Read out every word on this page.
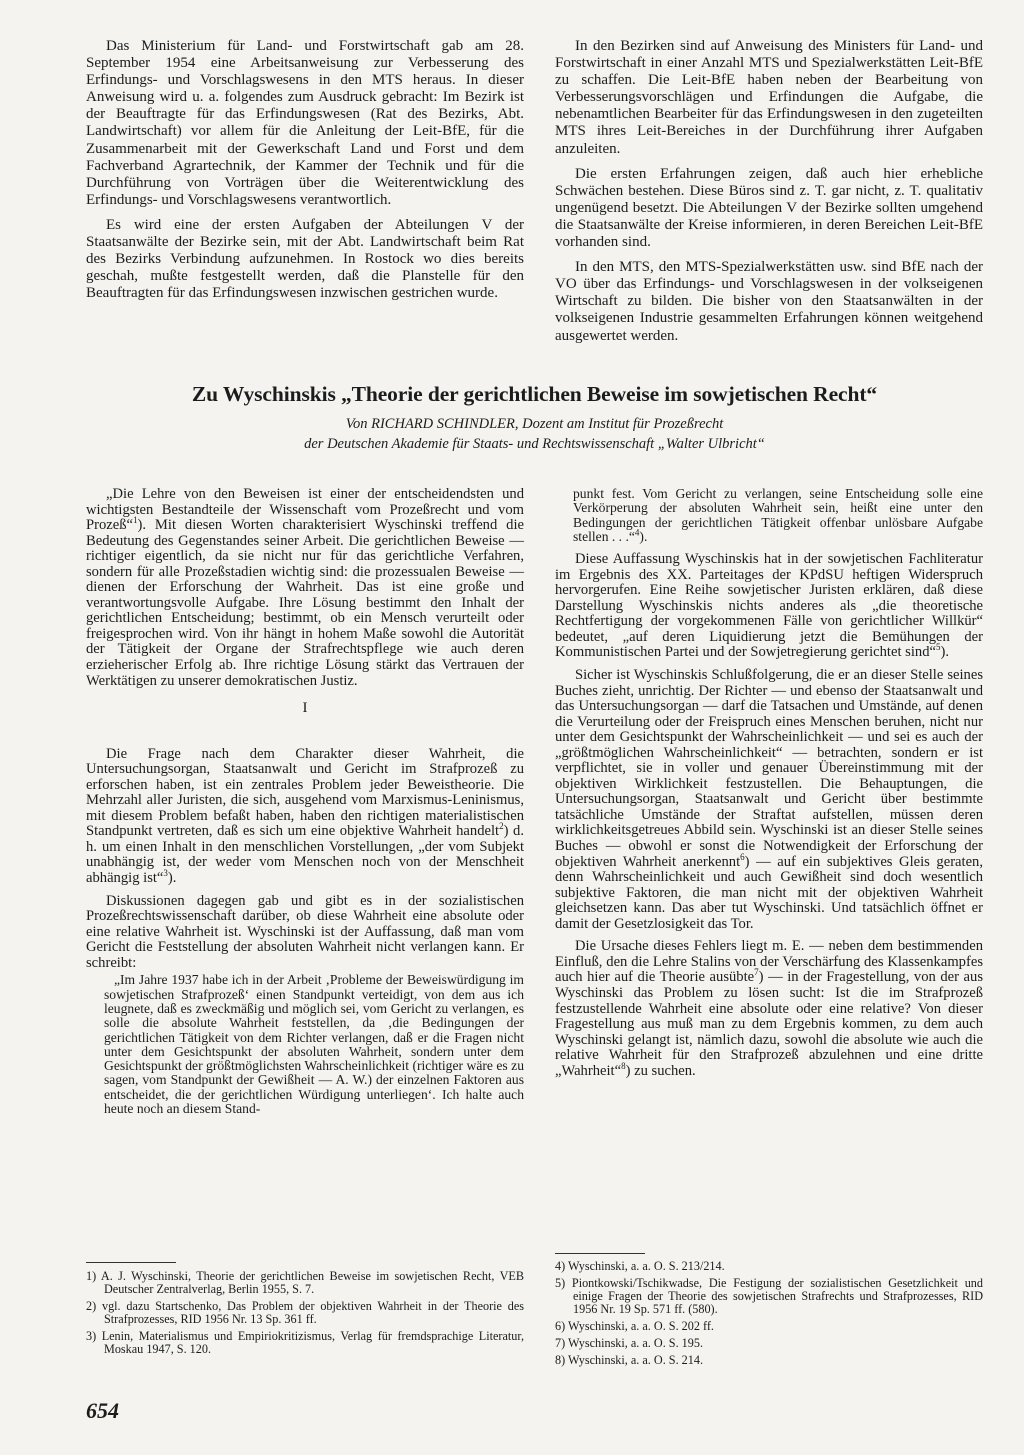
Das Ministerium für Land- und Forstwirtschaft gab am 28. September 1954 eine Arbeitsanweisung zur Verbesserung des Erfindungs- und Vorschlagswesens in den MTS heraus. In dieser Anweisung wird u. a. folgendes zum Ausdruck gebracht: Im Bezirk ist der Beauftragte für das Erfindungswesen (Rat des Bezirks, Abt. Landwirtschaft) vor allem für die Anleitung der Leit-BfE, für die Zusammenarbeit mit der Gewerkschaft Land und Forst und dem Fachverband Agrartechnik, der Kammer der Technik und für die Durchführung von Vorträgen über die Weiterentwicklung des Erfindungs- und Vorschlagswesens verantwortlich.

Es wird eine der ersten Aufgaben der Abteilungen V der Staatsanwälte der Bezirke sein, mit der Abt. Landwirtschaft beim Rat des Bezirks Verbindung aufzunehmen. In Rostock wo dies bereits geschah, mußte festgestellt werden, daß die Planstelle für den Beauftragten für das Erfindungswesen inzwischen gestrichen wurde.

In den Bezirken sind auf Anweisung des Ministers für Land- und Forstwirtschaft in einer Anzahl MTS und Spezialwerkstätten Leit-BfE zu schaffen. Die Leit-BfE haben neben der Bearbeitung von Verbesserungsvorschlägen und Erfindungen die Aufgabe, die nebenamtlichen Bearbeiter für das Erfindungswesen in den zugeteilten MTS ihres Leit-Bereiches in der Durchführung ihrer Aufgaben anzuleiten.

Die ersten Erfahrungen zeigen, daß auch hier erhebliche Schwächen bestehen. Diese Büros sind z. T. gar nicht, z. T. qualitativ ungenügend besetzt. Die Abteilungen V der Bezirke sollten umgehend die Staatsanwälte der Kreise informieren, in deren Bereichen Leit-BfE vorhanden sind.

In den MTS, den MTS-Spezialwerkstätten usw. sind BfE nach der VO über das Erfindungs- und Vorschlagswesen in der volkseigenen Wirtschaft zu bilden. Die bisher von den Staatsanwälten in der volkseigenen Industrie gesammelten Erfahrungen können weitgehend ausgewertet werden.

Zu Wyschinskis „Theorie der gerichtlichen Beweise im sowjetischen Recht“
Von RICHARD SCHINDLER, Dozent am Institut für Prozeßrecht
der Deutschen Akademie für Staats- und Rechtswissenschaft „Walter Ulbricht“

„Die Lehre von den Beweisen ist einer der entscheidendsten und wichtigsten Bestandteile der Wissenschaft vom Prozeßrecht und vom Prozeß“$^1$). Mit diesen Worten charakterisiert Wyschinski treffend die Bedeutung des Gegenstandes seiner Arbeit. Die gerichtlichen Beweise — richtiger eigentlich, da sie nicht nur für das gerichtliche Verfahren, sondern für alle Prozeßstadien wichtig sind: die prozessualen Beweise — dienen der Erforschung der Wahrheit. Das ist eine große und verantwortungsvolle Aufgabe. Ihre Lösung bestimmt den Inhalt der gerichtlichen Entscheidung; bestimmt, ob ein Mensch verurteilt oder freigesprochen wird. Von ihr hängt in hohem Maße sowohl die Autorität der Tätigkeit der Organe der Strafrechtspflege wie auch deren erzieherischer Erfolg ab. Ihre richtige Lösung stärkt das Vertrauen der Werktätigen zu unserer demokratischen Justiz.

I

Die Frage nach dem Charakter dieser Wahrheit, die Untersuchungsorgan, Staatsanwalt und Gericht im Strafprozeß zu erforschen haben, ist ein zentrales Problem jeder Beweistheorie. Die Mehrzahl aller Juristen, die sich, ausgehend vom Marxismus-Leninismus, mit diesem Problem befaßt haben, haben den richtigen materialistischen Standpunkt vertreten, daß es sich um eine objektive Wahrheit handelt$^2$) d. h. um einen Inhalt in den menschlichen Vorstellungen, „der vom Subjekt unabhängig ist, der weder vom Menschen noch von der Menschheit abhängig ist“$^3$).

Diskussionen dagegen gab und gibt es in der sozialistischen Prozeßrechtswissenschaft darüber, ob diese Wahrheit eine absolute oder eine relative Wahrheit ist. Wyschinski ist der Auffassung, daß man vom Gericht die Feststellung der absoluten Wahrheit nicht verlangen kann. Er schreibt:

„Im Jahre 1937 habe ich in der Arbeit ‚Probleme der Beweiswürdigung im sowjetischen Strafprozeß‘ einen Standpunkt verteidigt, von dem aus ich leugnete, daß es zweckmäßig und möglich sei, vom Gericht zu verlangen, es solle die absolute Wahrheit feststellen, da ‚die Bedingungen der gerichtlichen Tätigkeit von dem Richter verlangen, daß er die Fragen nicht unter dem Gesichtspunkt der absoluten Wahrheit, sondern unter dem Gesichtspunkt der größtmöglichsten Wahrscheinlichkeit (richtiger wäre es zu sagen, vom Standpunkt der Gewißheit — A. W.) der einzelnen Faktoren aus entscheidet, die der gerichtlichen Würdigung unterliegen‘. Ich halte auch heute noch an diesem Stand-

punkt fest. Vom Gericht zu verlangen, seine Entscheidung solle eine Verkörperung der absoluten Wahrheit sein, heißt eine unter den Bedingungen der gerichtlichen Tätigkeit offenbar unlösbare Aufgabe stellen . . .“$^4$).

Diese Auffassung Wyschinskis hat in der sowjetischen Fachliteratur im Ergebnis des XX. Parteitages der KPdSU heftigen Widerspruch hervorgerufen. Eine Reihe sowjetischer Juristen erklären, daß diese Darstellung Wyschinskis nichts anderes als „die theoretische Rechtfertigung der vorgekommenen Fälle von gerichtlicher Willkür“ bedeutet, „auf deren Liquidierung jetzt die Bemühungen der Kommunistischen Partei und der Sowjetregierung gerichtet sind“$^5$).

Sicher ist Wyschinskis Schlußfolgerung, die er an dieser Stelle seines Buches zieht, unrichtig. Der Richter — und ebenso der Staatsanwalt und das Untersuchungsorgan — darf die Tatsachen und Umstände, auf denen die Verurteilung oder der Freispruch eines Menschen beruhen, nicht nur unter dem Gesichtspunkt der Wahrscheinlichkeit — und sei es auch der „größtmöglichen Wahrscheinlichkeit“ — betrachten, sondern er ist verpflichtet, sie in voller und genauer Übereinstimmung mit der objektiven Wirklichkeit festzustellen. Die Behauptungen, die Untersuchungsorgan, Staatsanwalt und Gericht über bestimmte tatsächliche Umstände der Straftat aufstellen, müssen deren wirklichkeitsgetreues Abbild sein. Wyschinski ist an dieser Stelle seines Buches — obwohl er sonst die Notwendigkeit der Erforschung der objektiven Wahrheit anerkennt$^6$) — auf ein subjektives Gleis geraten, denn Wahrscheinlichkeit und auch Gewißheit sind doch wesentlich subjektive Faktoren, die man nicht mit der objektiven Wahrheit gleichsetzen kann. Das aber tut Wyschinski. Und tatsächlich öffnet er damit der Gesetzlosigkeit das Tor.

Die Ursache dieses Fehlers liegt m. E. — neben dem bestimmenden Einfluß, den die Lehre Stalins von der Verschärfung des Klassenkampfes auch hier auf die Theorie ausübte$^7$) — in der Fragestellung, von der aus Wyschinski das Problem zu lösen sucht: Ist die im Strafprozeß festzustellende Wahrheit eine absolute oder eine relative? Von dieser Fragestellung aus muß man zu dem Ergebnis kommen, zu dem auch Wyschinski gelangt ist, nämlich dazu, sowohl die absolute wie auch die relative Wahrheit für den Strafprozeß abzulehnen und eine dritte „Wahrheit“$^8$) zu suchen.

1) A. J. Wyschinski, Theorie der gerichtlichen Beweise im sowjetischen Recht, VEB Deutscher Zentralverlag, Berlin 1955, S. 7.

2) vgl. dazu Startschenko, Das Problem der objektiven Wahrheit in der Theorie des Strafprozesses, RID 1956 Nr. 13 Sp. 361 ff.

3) Lenin, Materialismus und Empiriokritizismus, Verlag für fremdsprachige Literatur, Moskau 1947, S. 120.

4) Wyschinski, a. a. O. S. 213/214.

5) Piontkowski/Tschikwadse, Die Festigung der sozialistischen Gesetzlichkeit und einige Fragen der Theorie des sowjetischen Strafrechts und Strafprozesses, RID 1956 Nr. 19 Sp. 571 ff. (580).

6) Wyschinski, a. a. O. S. 202 ff.

7) Wyschinski, a. a. O. S. 195.

8) Wyschinski, a. a. O. S. 214.

654
